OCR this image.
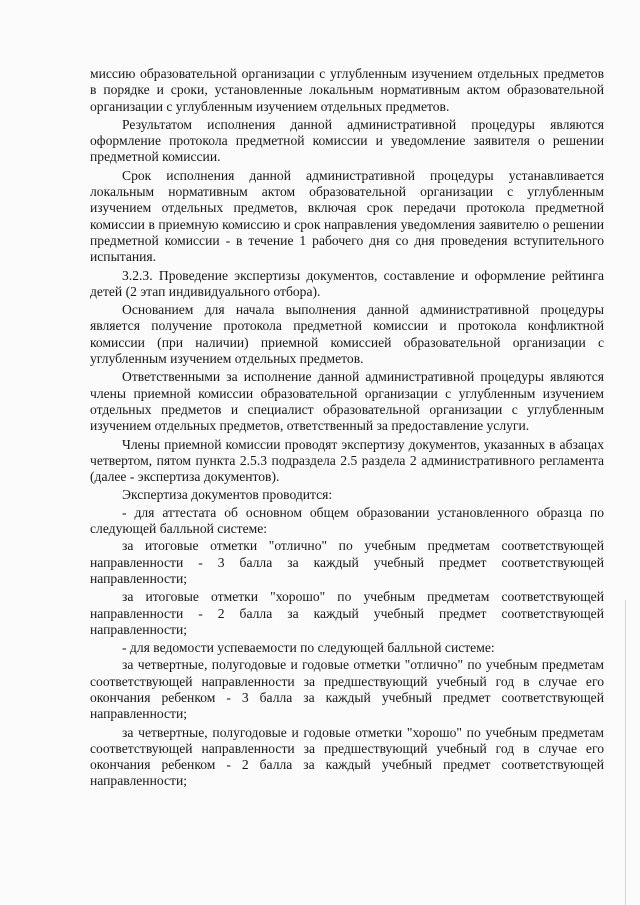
миссию образовательной организации с углубленным изучением отдельных предметов в порядке и сроки, установленные локальным нормативным актом образовательной организации с углубленным изучением отдельных предметов.

Результатом исполнения данной административной процедуры являются оформление протокола предметной комиссии и уведомление заявителя о решении предметной комиссии.

Срок исполнения данной административной процедуры устанавливается локальным нормативным актом образовательной организации с углубленным изучением отдельных предметов, включая срок передачи протокола предметной комиссии в приемную комиссию и срок направления уведомления заявителю о решении предметной комиссии - в течение 1 рабочего дня со дня проведения вступительного испытания.

3.2.3. Проведение экспертизы документов, составление и оформление рейтинга детей (2 этап индивидуального отбора).

Основанием для начала выполнения данной административной процедуры является получение протокола предметной комиссии и протокола конфликтной комиссии (при наличии) приемной комиссией образовательной организации с углубленным изучением отдельных предметов.

Ответственными за исполнение данной административной процедуры являются члены приемной комиссии образовательной организации с углубленным изучением отдельных предметов и специалист образовательной организации с углубленным изучением отдельных предметов, ответственный за предоставление услуги.

Члены приемной комиссии проводят экспертизу документов, указанных в абзацах четвертом, пятом пункта 2.5.3 подраздела 2.5 раздела 2 административного регламента (далее - экспертиза документов).

Экспертиза документов проводится:

- для аттестата об основном общем образовании установленного образца по следующей балльной системе:

за итоговые отметки "отлично" по учебным предметам соответствующей направленности - 3 балла за каждый учебный предмет соответствующей направленности;

за итоговые отметки "хорошо" по учебным предметам соответствующей направленности - 2 балла за каждый учебный предмет соответствующей направленности;

- для ведомости успеваемости по следующей балльной системе:

за четвертные, полугодовые и годовые отметки "отлично" по учебным предметам соответствующей направленности за предшествующий учебный год в случае его окончания ребенком - 3 балла за каждый учебный предмет соответствующей направленности;

за четвертные, полугодовые и годовые отметки "хорошо" по учебным предметам соответствующей направленности за предшествующий учебный год в случае его окончания ребенком - 2 балла за каждый учебный предмет соответствующей направленности;
